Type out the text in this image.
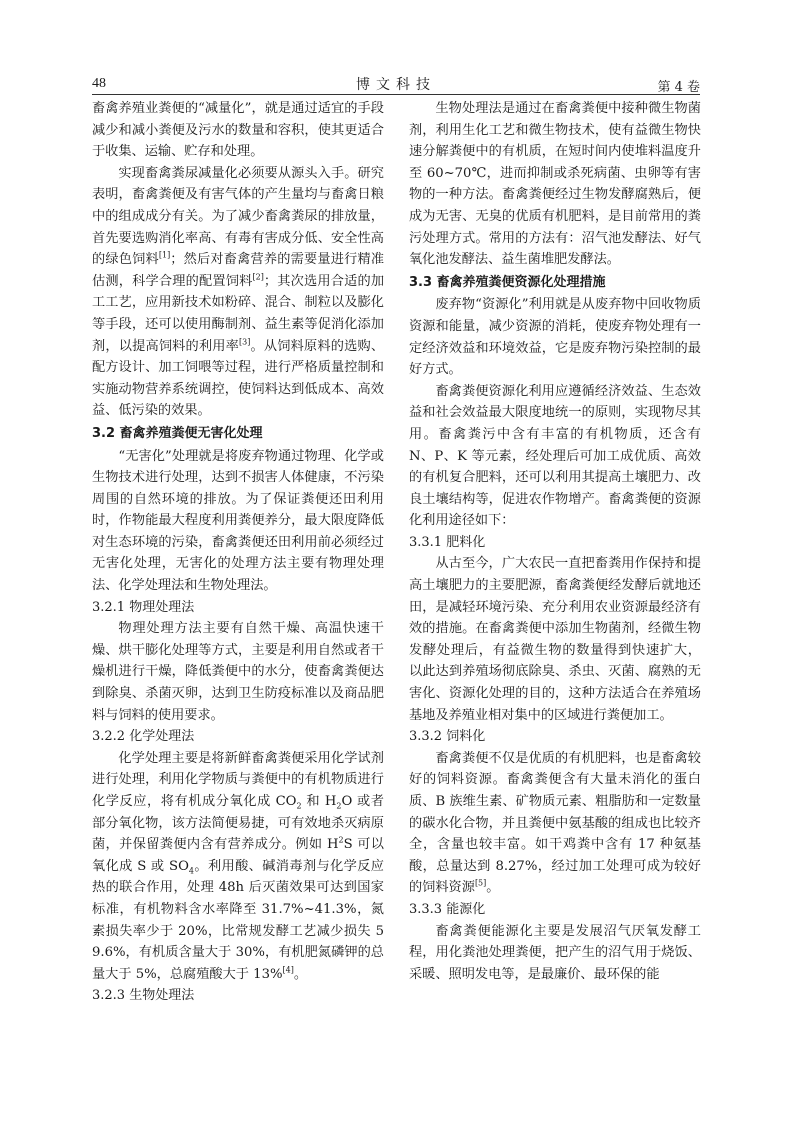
48	博文科技	第 4 卷

畜禽养殖业粪便的“减量化”，就是通过适宜的手段减少和减小粪便及污水的数量和容积，使其更适合于收集、运输、贮存和处理。

实现畜禽粪尿减量化必须要从源头入手。研究表明，畜禽粪便及有害气体的产生量均与畜禽日粮中的组成成分有关。为了减少畜禽粪尿的排放量，首先要选购消化率高、有毒有害成分低、安全性高的绿色饲料[1]；然后对畜禽营养的需要量进行精准估测，科学合理的配置饲料[2]；其次选用合适的加工工艺，应用新技术如粉碎、混合、制粒以及膨化等手段，还可以使用酶制剂、益生素等促消化添加剂，以提高饲料的利用率[3]。从饲料原料的选购、配方设计、加工饲喂等过程，进行严格质量控制和实施动物营养系统调控，使饲料达到低成本、高效益、低污染的效果。

3.2 畜禽养殖粪便无害化处理

“无害化”处理就是将废弃物通过物理、化学或生物技术进行处理，达到不损害人体健康，不污染周围的自然环境的排放。为了保证粪便还田利用时，作物能最大程度利用粪便养分，最大限度降低对生态环境的污染，畜禽粪便还田利用前必须经过无害化处理，无害化的处理方法主要有物理处理法、化学处理法和生物处理法。

3.2.1 物理处理法

物理处理方法主要有自然干燥、高温快速干燥、烘干膨化处理等方式，主要是利用自然或者干燥机进行干燥，降低粪便中的水分，使畜禽粪便达到除臭、杀菌灭卵，达到卫生防疫标准以及商品肥料与饲料的使用要求。

3.2.2 化学处理法

化学处理主要是将新鲜畜禽粪便采用化学试剂进行处理，利用化学物质与粪便中的有机物质进行化学反应，将有机成分氧化成 $CO_2$ 和 $H_2O$ 或者部分氧化物，该方法简便易捷，可有效地杀灭病原菌，并保留粪便内含有营养成分。例如 H$^2$S 可以氧化成 S 或 $SO_4$。利用酸、碱消毒剂与化学反应热的联合作用，处理 48h 后灭菌效果可达到国家标准，有机物料含水率降至 31.7%~41.3%，氮素损失率少于 20%，比常规发酵工艺减少损失 59.6%，有机质含量大于 30%，有机肥氮磷钾的总量大于 5%，总腐殖酸大于 13%[4]。

3.2.3 生物处理法

生物处理法是通过在畜禽粪便中接种微生物菌剂，利用生化工艺和微生物技术，使有益微生物快速分解粪便中的有机质，在短时间内使堆料温度升至 60~70℃，进而抑制或杀死病菌、虫卵等有害物的一种方法。畜禽粪便经过生物发酵腐熟后，便成为无害、无臭的优质有机肥料，是目前常用的粪污处理方式。常用的方法有：沼气池发酵法、好气氧化池发酵法、益生菌堆肥发酵法。

3.3 畜禽养殖粪便资源化处理措施

废弃物“资源化”利用就是从废弃物中回收物质资源和能量，减少资源的消耗，使废弃物处理有一定经济效益和环境效益，它是废弃物污染控制的最好方式。

畜禽粪便资源化利用应遵循经济效益、生态效益和社会效益最大限度地统一的原则，实现物尽其用。畜禽粪污中含有丰富的有机物质，还含有 N、P、K 等元素，经处理后可加工成优质、高效的有机复合肥料，还可以利用其提高土壤肥力、改良土壤结构等，促进农作物增产。畜禽粪便的资源化利用途径如下：

3.3.1 肥料化

从古至今，广大农民一直把畜粪用作保持和提高土壤肥力的主要肥源，畜禽粪便经发酵后就地还田，是减轻环境污染、充分利用农业资源最经济有效的措施。在畜禽粪便中添加生物菌剂，经微生物发酵处理后，有益微生物的数量得到快速扩大， 以此达到养殖场彻底除臭、杀虫、灭菌、腐熟的无害化、资源化处理的目的，这种方法适合在养殖场基地及养殖业相对集中的区域进行粪便加工。

3.3.2 饲料化

畜禽粪便不仅是优质的有机肥料，也是畜禽较好的饲料资源。畜禽粪便含有大量未消化的蛋白质、B 族维生素、矿物质元素、粗脂肪和一定数量的碳水化合物，并且粪便中氨基酸的组成也比较齐全，含量也较丰富。如干鸡粪中含有 17 种氨基酸，总量达到 8.27%，经过加工处理可成为较好的饲料资源[5]。

3.3.3 能源化

畜禽粪便能源化主要是发展沼气厌氧发酵工程，用化粪池处理粪便，把产生的沼气用于烧饭、采暖、照明发电等，是最廉价、最环保的能
